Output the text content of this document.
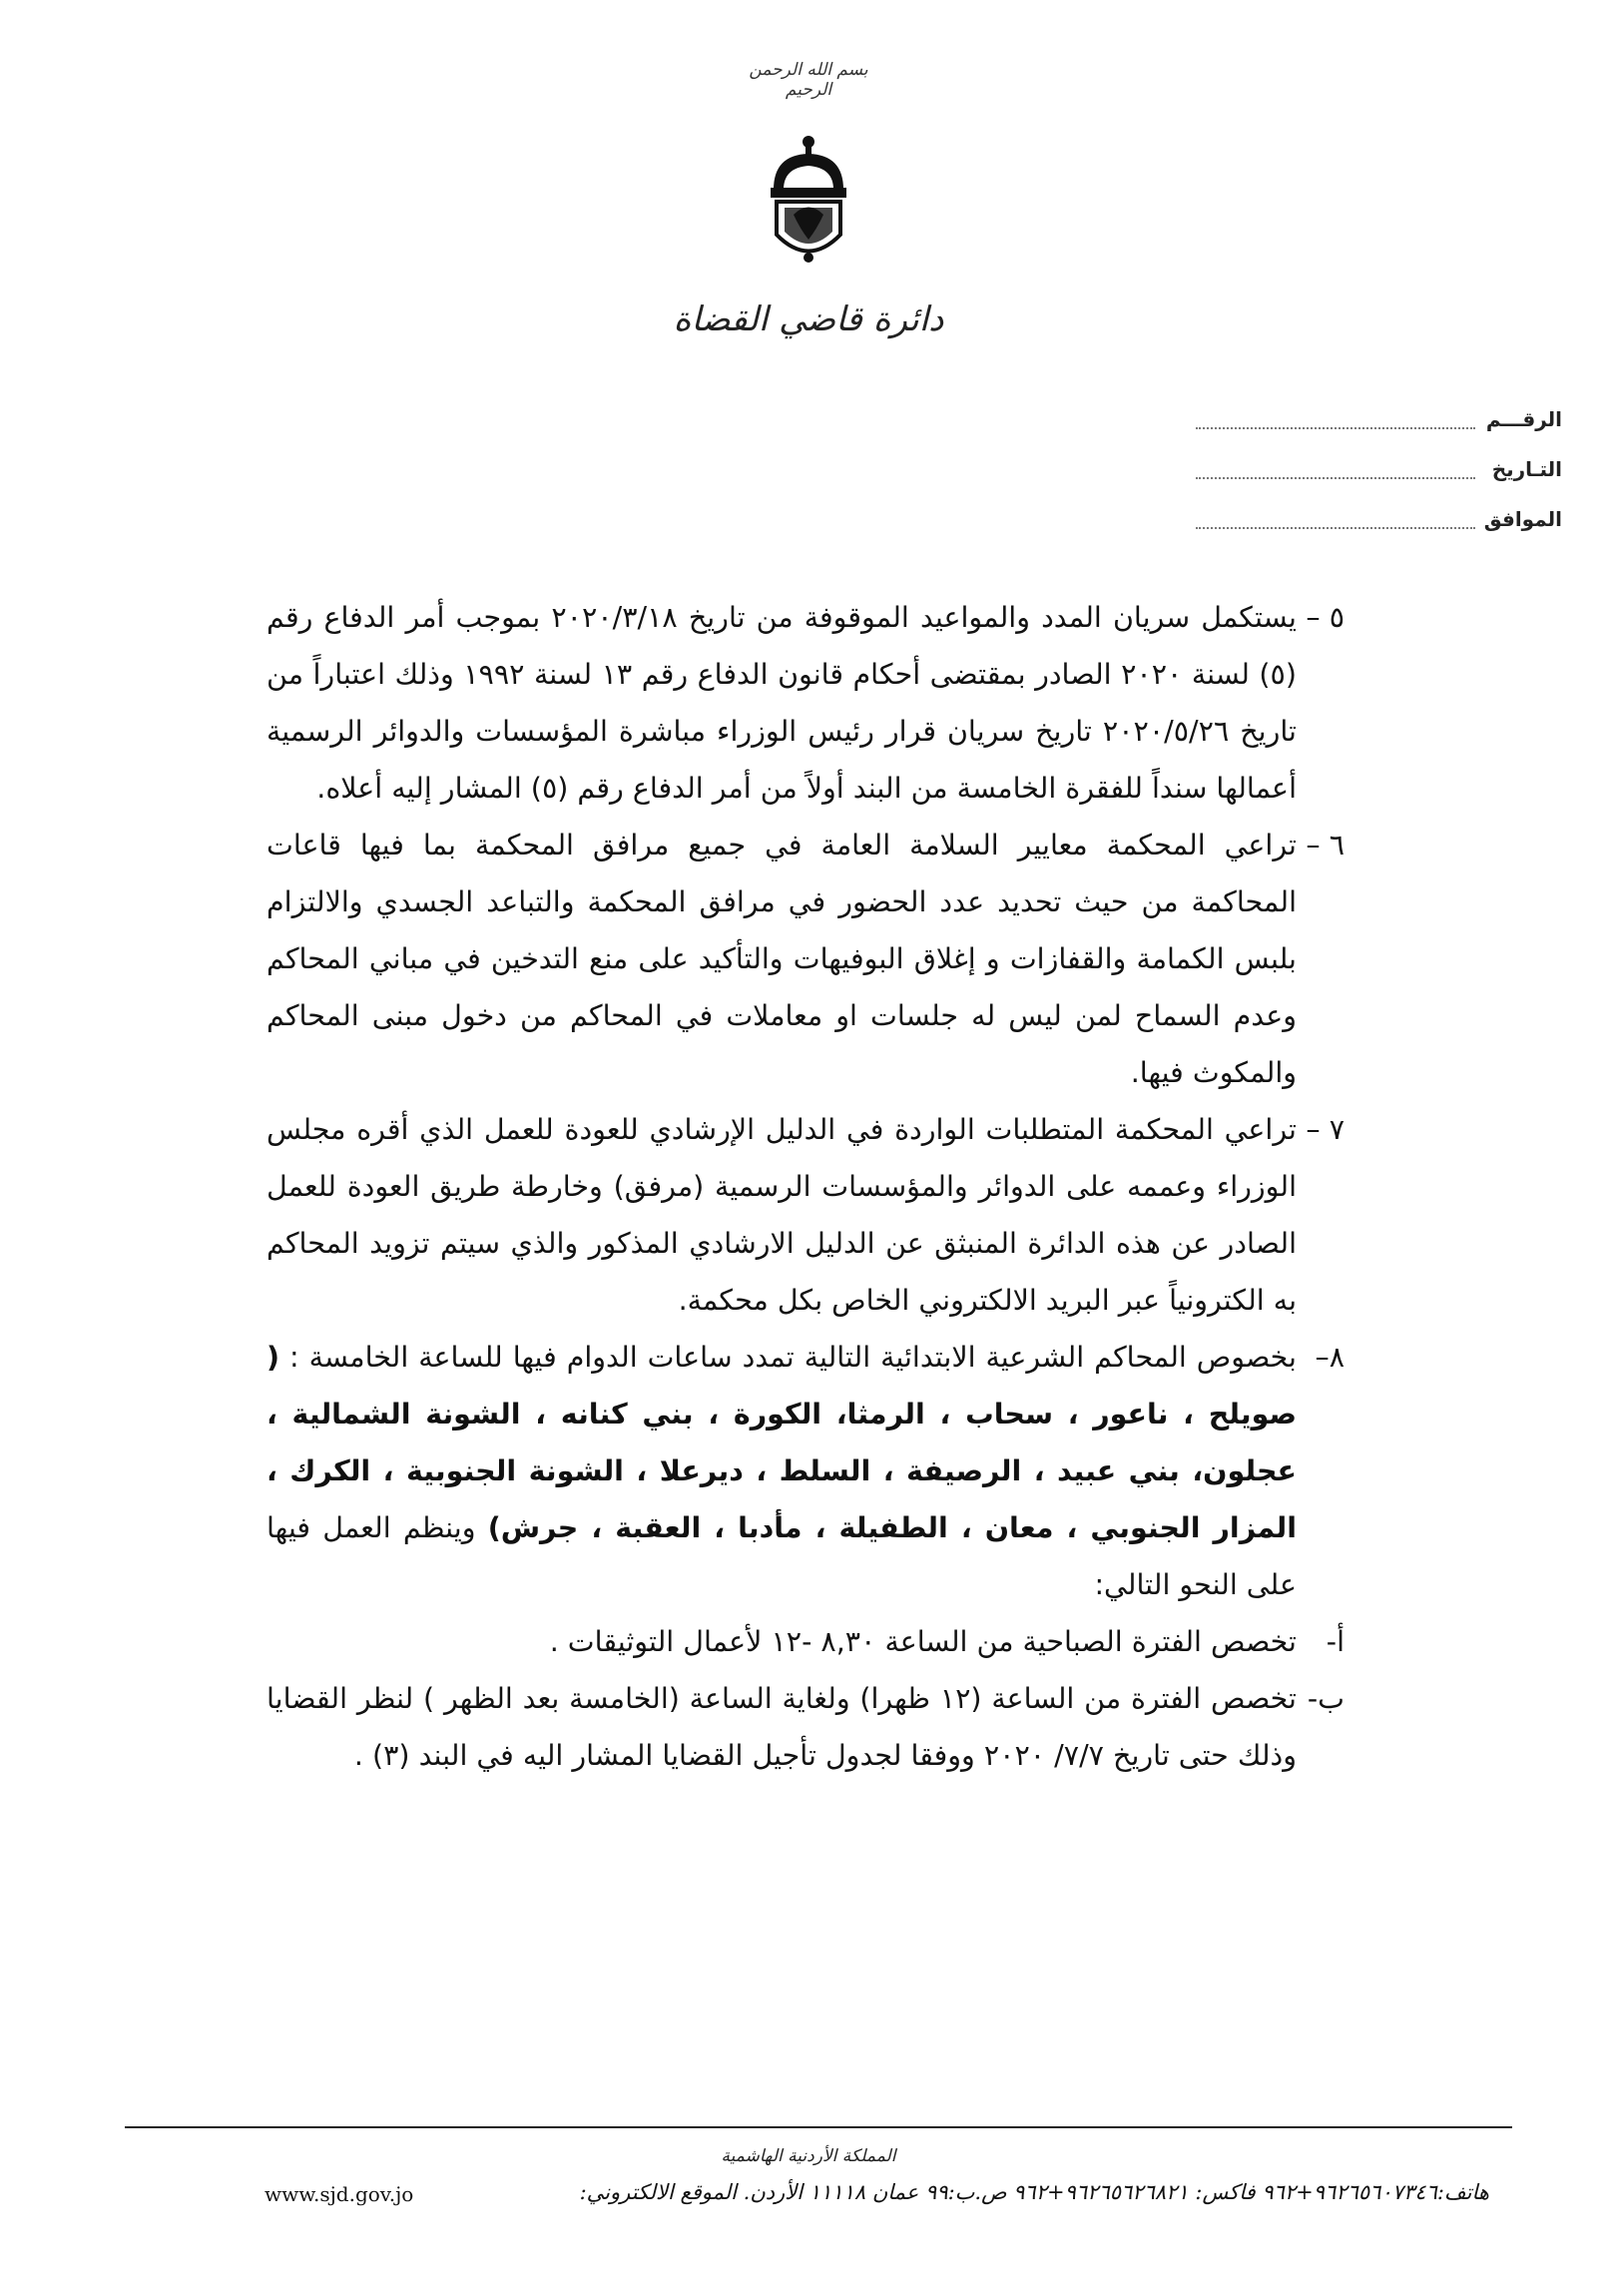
بسم الله الرحمن الرحيم
دائرة قاضي القضاة
الرقـــم
التـاريخ
الموافق
٥ –
يستكمل سريان المدد والمواعيد الموقوفة من تاريخ ٢٠٢٠/٣/١٨ بموجب أمر الدفاع رقم (٥) لسنة ٢٠٢٠ الصادر بمقتضى أحكام قانون الدفاع رقم ١٣ لسنة ١٩٩٢ وذلك اعتباراً من تاريخ ٢٠٢٠/٥/٢٦ تاريخ سريان قرار رئيس الوزراء مباشرة المؤسسات والدوائر الرسمية أعمالها سنداً للفقرة الخامسة من البند أولاً من أمر الدفاع رقم (٥) المشار إليه أعلاه.
٦ –
تراعي المحكمة معايير السلامة العامة في جميع مرافق المحكمة بما فيها قاعات المحاكمة من حيث تحديد عدد الحضور في مرافق المحكمة والتباعد الجسدي والالتزام بلبس الكمامة والقفازات و إغلاق البوفيهات والتأكيد على منع التدخين في مباني المحاكم وعدم السماح لمن ليس له جلسات او معاملات في المحاكم من دخول مبنى المحاكم والمكوث فيها.
٧ –
تراعي المحكمة المتطلبات الواردة في الدليل الإرشادي للعودة للعمل الذي أقره مجلس الوزراء وعممه على الدوائر والمؤسسات الرسمية (مرفق) وخارطة طريق العودة للعمل الصادر عن هذه الدائرة المنبثق عن الدليل الارشادي المذكور والذي سيتم تزويد المحاكم به الكترونياً عبر البريد الالكتروني الخاص بكل محكمة.
٨–
بخصوص المحاكم الشرعية الابتدائية التالية تمدد ساعات الدوام فيها للساعة الخامسة : ( صويلح ، ناعور ، سحاب ، الرمثا، الكورة ، بني كنانه ، الشونة الشمالية ، عجلون، بني عبيد ، الرصيفة ، السلط ، ديرعلا ، الشونة الجنوبية ، الكرك ، المزار الجنوبي ، معان ، الطفيلة ، مأدبا ، العقبة ، جرش) وينظم العمل فيها على النحو التالي:
أ-
تخصص الفترة الصباحية من الساعة ٨,٣٠ -١٢ لأعمال التوثيقات .
ب-
تخصص الفترة من الساعة (١٢ ظهرا) ولغاية الساعة (الخامسة بعد الظهر ) لنظر القضايا وذلك حتى تاريخ ٧/٧/ ٢٠٢٠ ووفقا لجدول تأجيل القضايا المشار اليه في البند (٣) .
المملكة الأردنية الهاشمية
هاتف:٩٦٢٦٥٦٠٧٣٤٦+٩٦٢ فاكس: ٩٦٢٦٥٦٢٦٨٢١+٩٦٢ ص.ب:٩٩ عمان ١١١١٨ الأردن. الموقع الالكتروني:
www.sjd.gov.jo
